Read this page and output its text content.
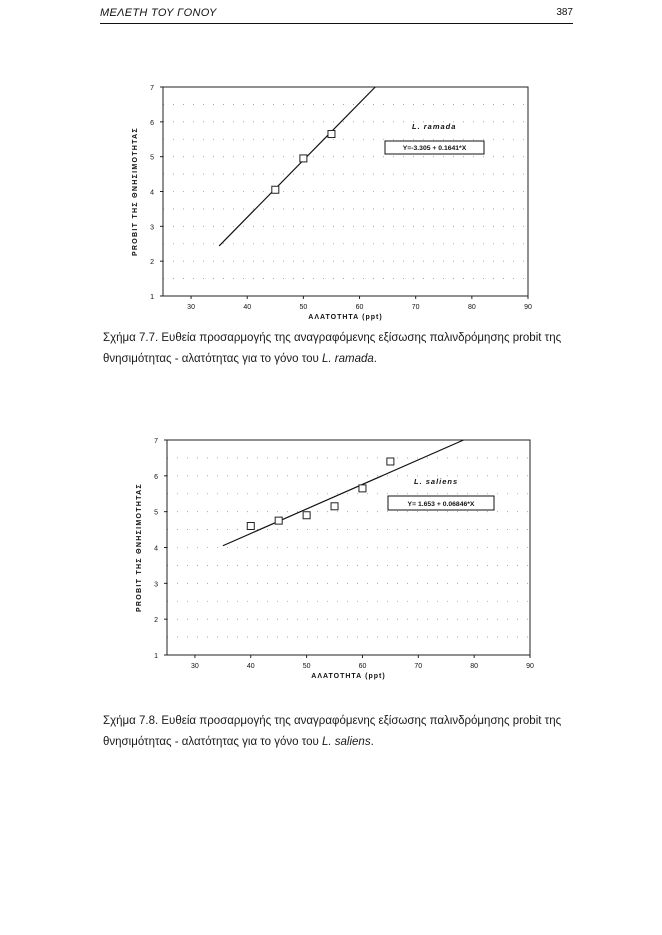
ΜΕΛΕΤΗ ΤΟΥ ΓΟΝΟΥ	387
1
2
3
4
5
6
7
30	40	50	60	70	80	90
ΑΛΑΤΟΤΗΤΑ (ppt)
PROBIT ΤΗΣ ΘΝΗΣΙΜΟΤΗΤΑΣ
L. ramada
Y=-3.305 + 0.1641*X
1
2
3
4
5
6
7
30	40	50	60	70	80	90
ΑΛΑΤΟΤΗΤΑ (ppt)
PROBIT ΤΗΣ ΘΝΗΣΙΜΟΤΗΤΑΣ
L. saliens
Y= 1.653 + 0.06846*X

Σχήμα 7.7. Ευθεία προσαρμογής της αναγραφόμενης εξίσωσης παλινδρόμησης probit της θνησιμότητας - αλατότητας για το γόνο του L. ramada.

Σχήμα 7.8. Ευθεία προσαρμογής της αναγραφόμενης εξίσωσης παλινδρόμησης probit της θνησιμότητας - αλατότητας για το γόνο του L. saliens.
